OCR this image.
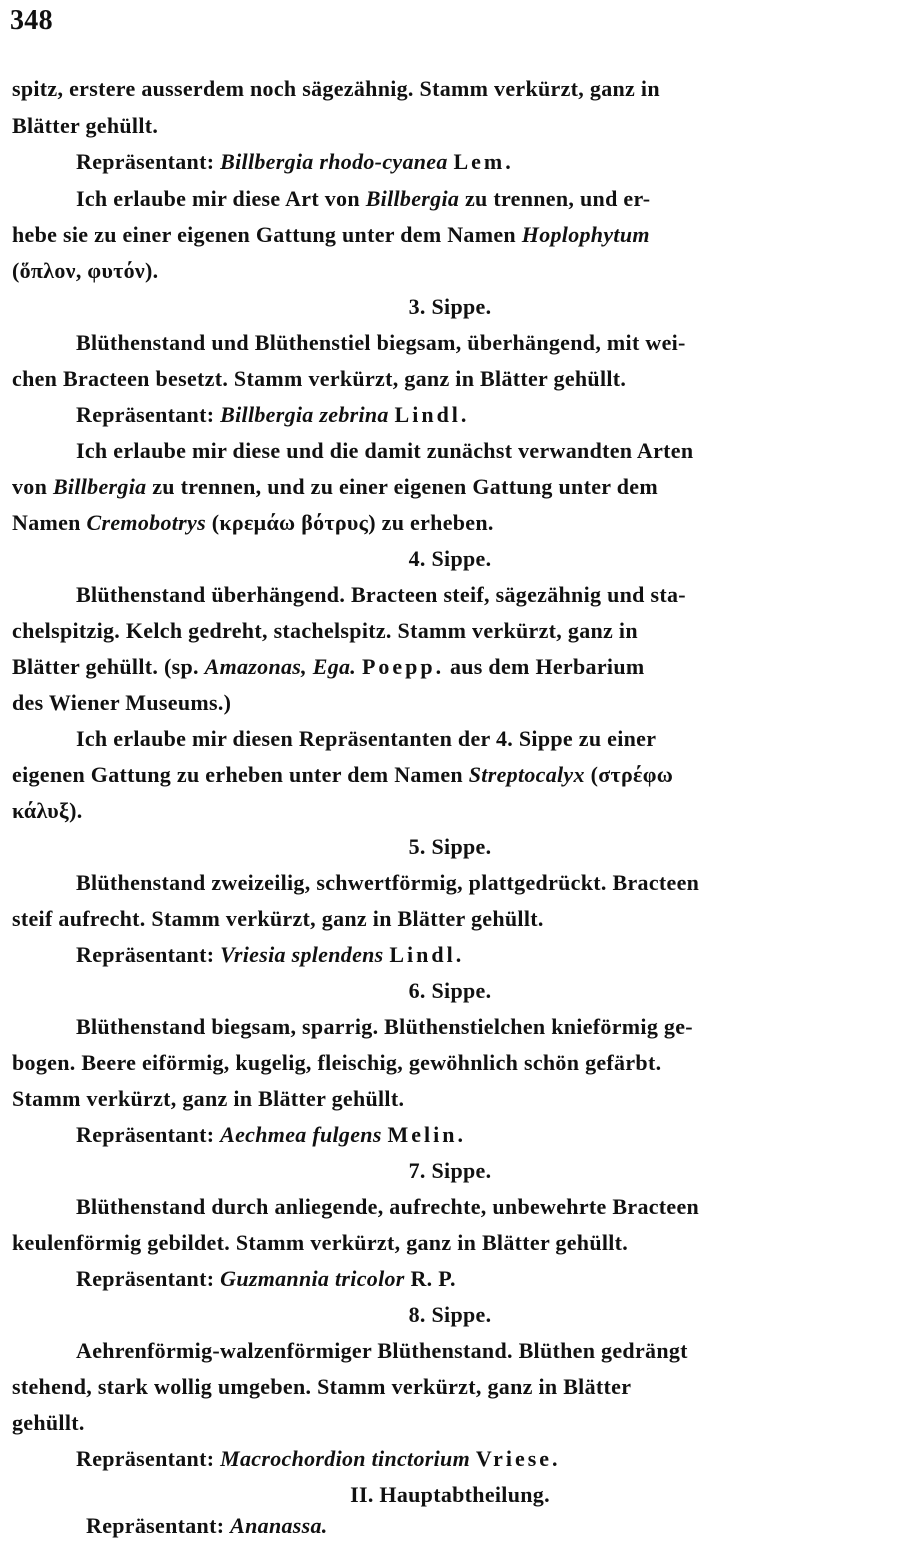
348
spitz, erstere ausserdem noch sägezähnig. Stamm verkürzt, ganz in
Blätter gehüllt.
Repräsentant: Billbergia rhodo-cyanea Lem.
Ich erlaube mir diese Art von Billbergia zu trennen, und er-
hebe sie zu einer eigenen Gattung unter dem Namen Hoplophytum
(ὅπλον, φυτόν).
3. Sippe.
Blüthenstand und Blüthenstiel biegsam, überhängend, mit wei-
chen Bracteen besetzt. Stamm verkürzt, ganz in Blätter gehüllt.
Repräsentant: Billbergia zebrina Lindl.
Ich erlaube mir diese und die damit zunächst verwandten Arten
von Billbergia zu trennen, und zu einer eigenen Gattung unter dem
Namen Cremobotrys (κρεμάω βότρυς) zu erheben.
4. Sippe.
Blüthenstand überhängend. Bracteen steif, sägezähnig und sta-
chelspitzig. Kelch gedreht, stachelspitz. Stamm verkürzt, ganz in
Blätter gehüllt. (sp. Amazonas, Ega. Poepp. aus dem Herbarium
des Wiener Museums.)
Ich erlaube mir diesen Repräsentanten der 4. Sippe zu einer
eigenen Gattung zu erheben unter dem Namen Streptocalyx (στρέφω
κάλυξ).
5. Sippe.
Blüthenstand zweizeilig, schwertförmig, plattgedrückt. Bracteen
steif aufrecht. Stamm verkürzt, ganz in Blätter gehüllt.
Repräsentant: Vriesia splendens Lindl.
6. Sippe.
Blüthenstand biegsam, sparrig. Blüthenstielchen knieförmig ge-
bogen. Beere eiförmig, kugelig, fleischig, gewöhnlich schön gefärbt.
Stamm verkürzt, ganz in Blätter gehüllt.
Repräsentant: Aechmea fulgens Melin.
7. Sippe.
Blüthenstand durch anliegende, aufrechte, unbewehrte Bracteen
keulenförmig gebildet. Stamm verkürzt, ganz in Blätter gehüllt.
Repräsentant: Guzmannia tricolor R. P.
8. Sippe.
Aehrenförmig-walzenförmiger Blüthenstand. Blüthen gedrängt
stehend, stark wollig umgeben. Stamm verkürzt, ganz in Blätter
gehüllt.
Repräsentant: Macrochordion tinctorium Vriese.
II. Hauptabtheilung.
Repräsentant: Ananassa.
